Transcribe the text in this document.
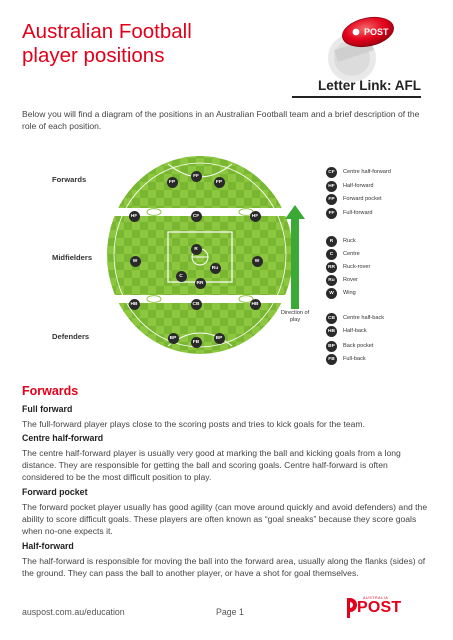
Australian Football
player positions
POST
Letter Link: AFL

Below you will find a diagram of the positions in an Australian Football team and a brief description of the role of each position.

Forwards
Midfielders
Defenders
FP
FF
FP
HF	CF	HF
R
W
Ru
W
C
RR
HB	CB	HB
BP
FB
BP
Direction of play
CF	Centre half-forward
HF	Half-forward
FP	Forward pocket
FF	Full-forward
R	Ruck
C	Centre
RR	Ruck-rover
Ru	Rover
W	Wing
CB	Centre half-back
HB	Half-back
BP	Back pocket
FB	Full-back
Forwards
Full forward

The full-forward player plays close to the scoring posts and tries to kick goals for the team.

Centre half-forward

The centre half-forward player is usually very good at marking the ball and kicking goals from a long distance. They are responsible for getting the ball and scoring goals. Centre half-forward is often considered to be the most difficult position to play.

Forward pocket

The forward pocket player usually has good agility (can move around quickly and avoid defenders) and the ability to score difficult goals. These players are often known as “goal sneaks” because they score goals when no-one expects it.

Half-forward

The half-forward is responsible for moving the ball into the forward area, usually along the flanks (sides) of the ground. They can pass the ball to another player, or have a shot for goal themselves.

auspost.com.au/education	Page 1
AUSTRALIA
POST
